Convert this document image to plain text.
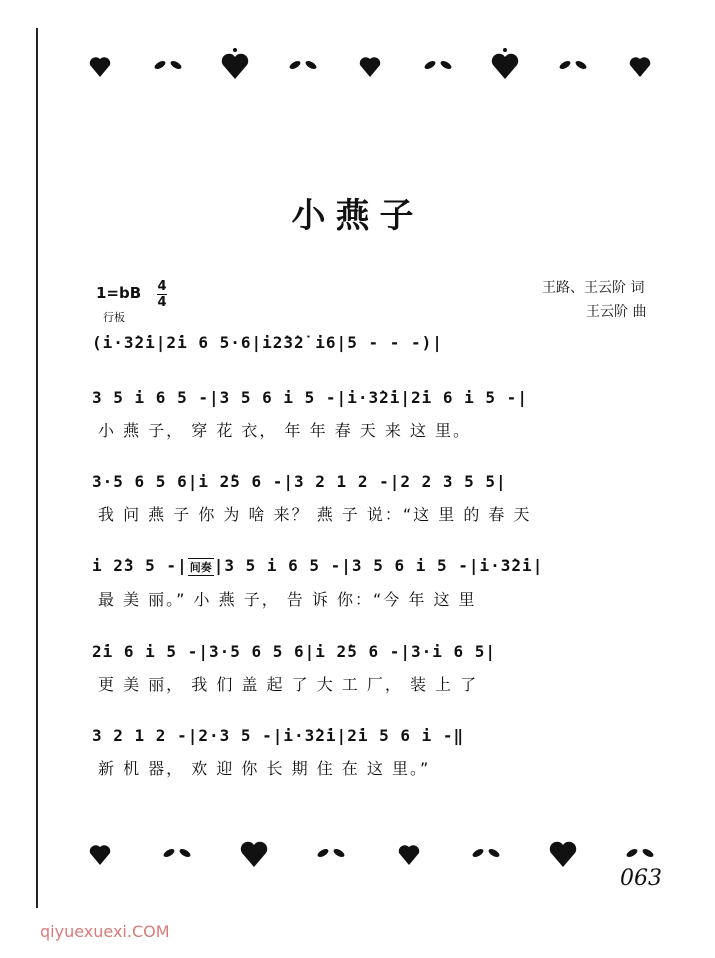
小燕子
1=bB 4
4
行板
王路、王云阶 词
王云阶 曲
(i·3̇2̇i|2̇i 6 5·6|i2̇3̇2̇ i6|5 - - -)|
3 5 i 6 5 -|3 5 6 i 5 -|i·3̇2̇i|2̇i 6 i 5 -|
小 燕 子， 穿 花 衣， 年 年 春 天 来 这 里。
3·5 6 5 6|i 2̇5 6 -|3 2 1 2 -|2 2 3 5 5|
我 问 燕 子 你 为 啥 来？ 燕 子 说：“这 里 的 春 天
i 2̇3 5 -| 间奏 |3 5 i 6 5 -|3 5 6 i 5 -|i·3̇2̇i|
最 美 丽。” 小 燕 子， 告 诉 你：“今 年 这 里
2̇i 6 i 5 -|3·5 6 5 6|i 2̇5 6 -|3·i 6 5|
更 美 丽， 我 们 盖 起 了 大 工 厂， 装 上 了
3 2 1 2 -|2·3 5 -|i·3̇2̇i|2̇i 5 6 i -‖
新 机 器， 欢 迎 你 长 期 住 在 这 里。”
063
qiyuexuexi.COM
